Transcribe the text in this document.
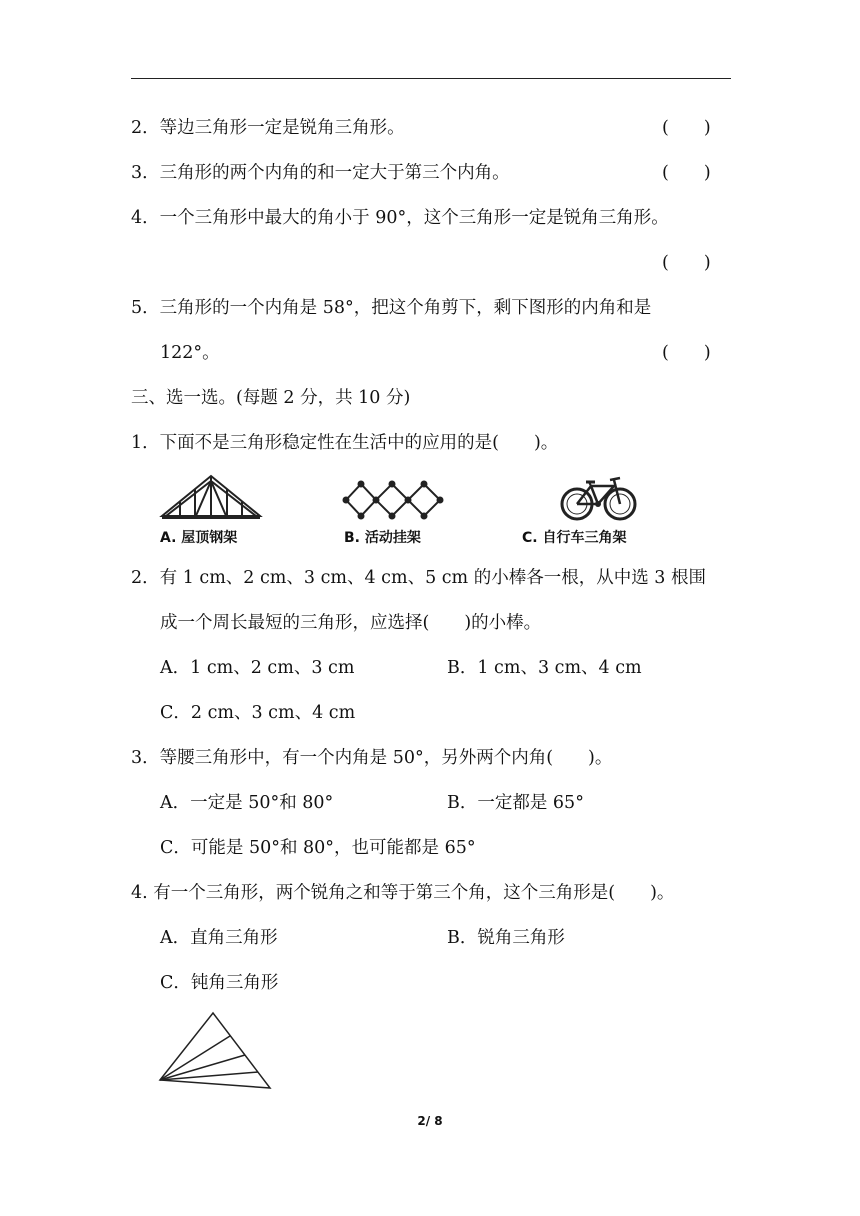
2．等边三角形一定是锐角三角形。	(　　)
3．三角形的两个内角的和一定大于第三个内角。	(　　)
4．一个三角形中最大的角小于 90°，这个三角形一定是锐角三角形。
(　　)
5．三角形的一个内角是 58°，把这个角剪下，剩下图形的内角和是
122°。	(　　)
三、选一选。(每题 2 分，共 10 分)
1．下面不是三角形稳定性在生活中的应用的是(　　)。
A. 屋顶钢架	B. 活动挂架	C. 自行车三角架
2．有 1 cm、2 cm、3 cm、4 cm、5 cm 的小棒各一根，从中选 3 根围
成一个周长最短的三角形，应选择(　　)的小棒。
A．1 cm、2 cm、3 cm	B．1 cm、3 cm、4 cm
C．2 cm、3 cm、4 cm
3．等腰三角形中，有一个内角是 50°，另外两个内角(　　)。
A．一定是 50°和 80°	B．一定都是 65°
C．可能是 50°和 80°，也可能都是 65°
4. 有一个三角形，两个锐角之和等于第三个角，这个三角形是(　　)。
A．直角三角形	B．锐角三角形
C．钝角三角形
2/ 8
